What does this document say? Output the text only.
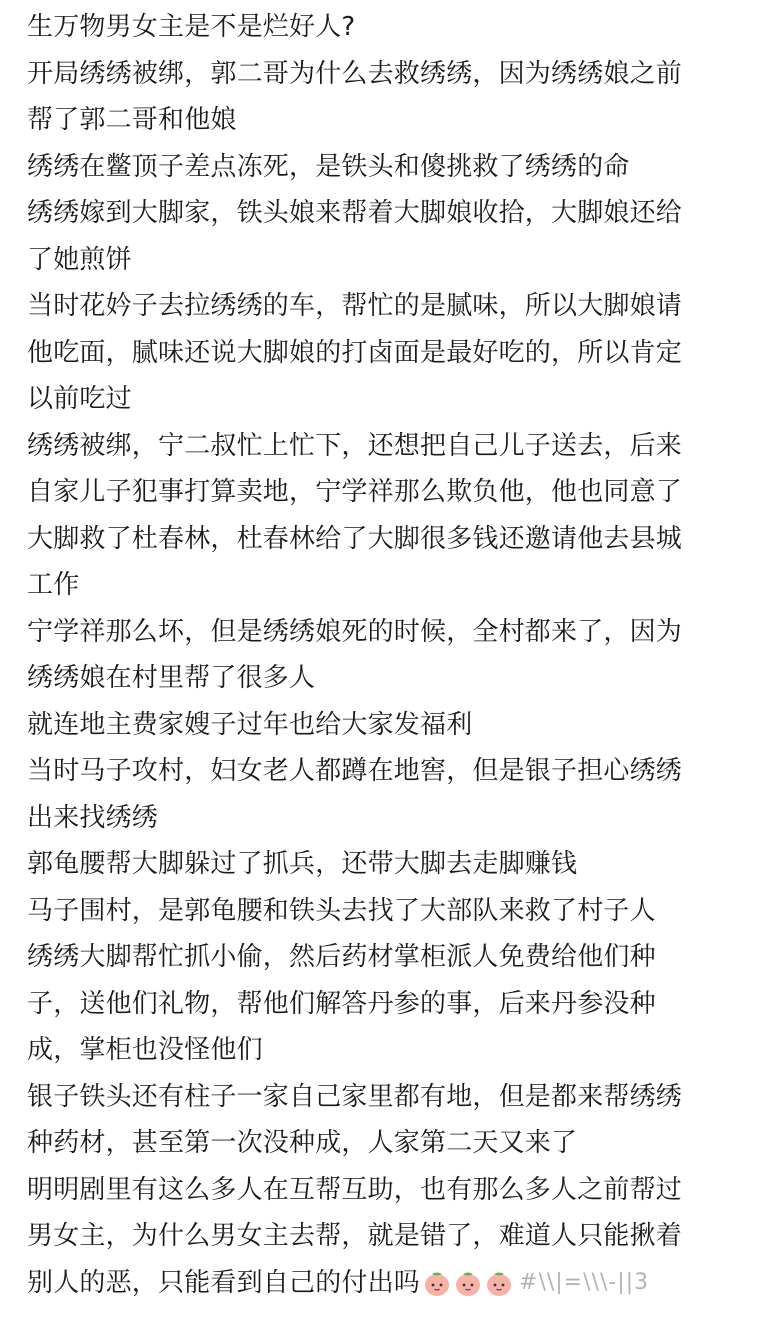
生万物男女主是不是烂好人?
开局绣绣被绑，郭二哥为什么去救绣绣，因为绣绣娘之前
帮了郭二哥和他娘
绣绣在鳖顶子差点冻死，是铁头和傻挑救了绣绣的命
绣绣嫁到大脚家，铁头娘来帮着大脚娘收拾，大脚娘还给
了她煎饼
当时花妗子去拉绣绣的车，帮忙的是腻味，所以大脚娘请
他吃面，腻味还说大脚娘的打卤面是最好吃的，所以肯定
以前吃过
绣绣被绑，宁二叔忙上忙下，还想把自己儿子送去，后来
自家儿子犯事打算卖地，宁学祥那么欺负他，他也同意了
大脚救了杜春林，杜春林给了大脚很多钱还邀请他去县城
工作
宁学祥那么坏，但是绣绣娘死的时候，全村都来了，因为
绣绣娘在村里帮了很多人
就连地主费家嫂子过年也给大家发福利
当时马子攻村，妇女老人都蹲在地窖，但是银子担心绣绣
出来找绣绣
郭龟腰帮大脚躲过了抓兵，还带大脚去走脚赚钱
马子围村，是郭龟腰和铁头去找了大部队来救了村子人
绣绣大脚帮忙抓小偷，然后药材掌柜派人免费给他们种
子，送他们礼物，帮他们解答丹参的事，后来丹参没种
成，掌柜也没怪他们
银子铁头还有柱子一家自己家里都有地，但是都来帮绣绣
种药材，甚至第一次没种成，人家第二天又来了
明明剧里有这么多人在互帮互助，也有那么多人之前帮过
男女主，为什么男女主去帮，就是错了，难道人只能揪着
别人的恶，只能看到自己的付出吗	#\\|=\\\-||3
